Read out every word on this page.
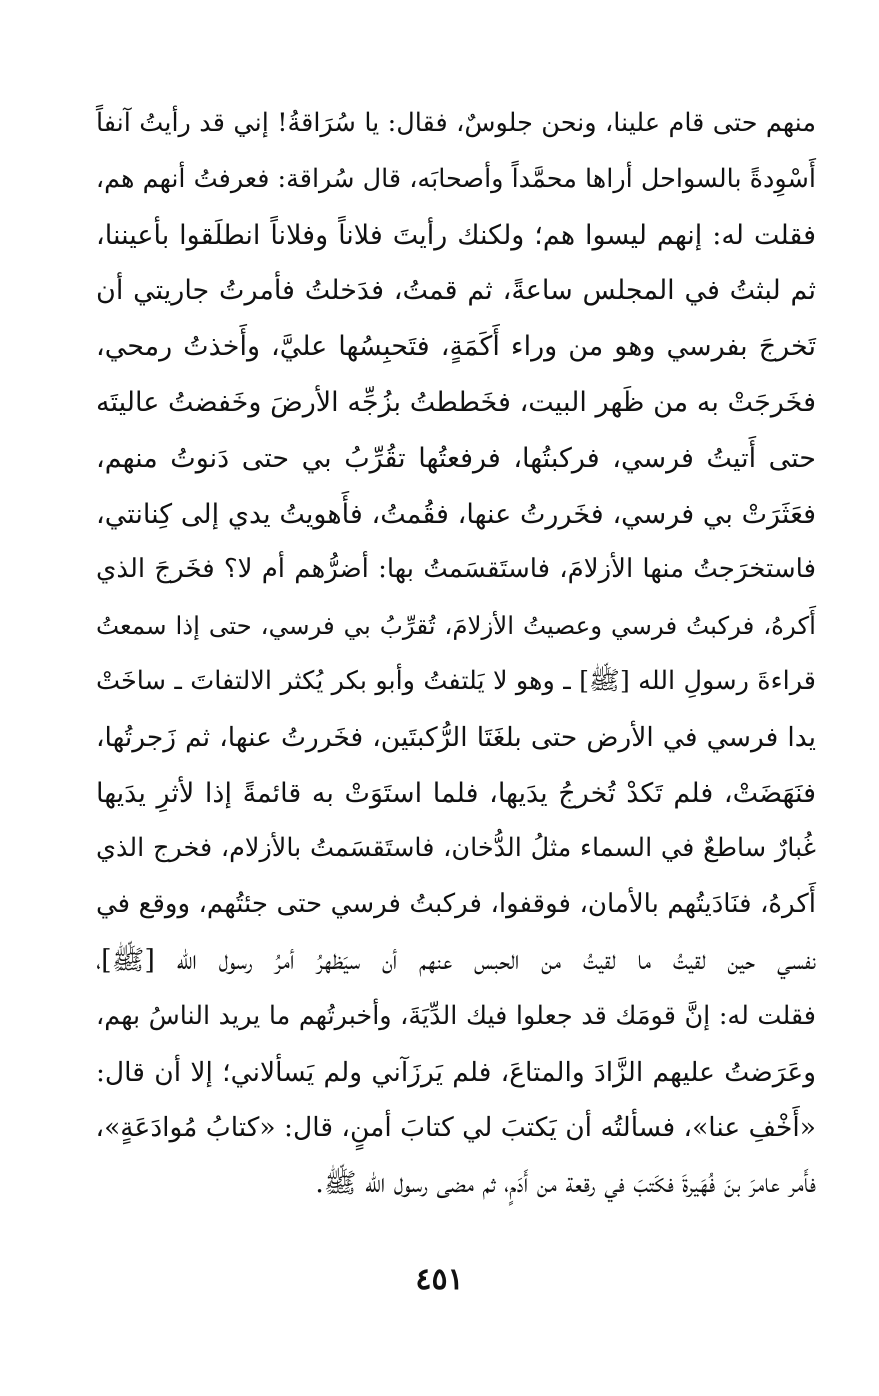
منهم حتى قام علينا، ونحن جلوسٌ، فقال: يا سُرَاقةُ! إني قد رأيتُ آنفاً
أَسْوِدةً بالسواحل أراها محمَّداً وأصحابَه، قال سُراقة: فعرفتُ أنهم هم،
فقلت له: إنهم ليسوا هم؛ ولكنك رأيتَ فلاناً وفلاناً انطلَقوا بأعيننا،
ثم لبثتُ في المجلس ساعةً، ثم قمتُ، فدَخلتُ فأمرتُ جاريتي أن
تَخرجَ بفرسي وهو من وراء أَكَمَةٍ، فتَحبِسُها عليَّ، وأَخذتُ رمحي،
فخَرجَتْ به من ظَهر البيت، فخَططتُ بزُجِّه الأرضَ وخَفضتُ عاليتَه
حتى أَتيتُ فرسي، فركبتُها، فرفعتُها تقُرِّبُ بي حتى دَنوتُ منهم،
فعَثَرَتْ بي فرسي، فخَررتُ عنها، فقُمتُ، فأَهويتُ يدي إلى كِنانتي،
فاستخرَجتُ منها الأزلامَ، فاستَقسَمتُ بها: أضرُّهم أم لا؟ فخَرجَ الذي
أَكرهُ، فركبتُ فرسي وعصيتُ الأزلامَ، تُقرِّبُ بي فرسي، حتى إذا سمعتُ
قراءةَ رسولِ الله [ﷺ] ـ وهو لا يَلتفتُ وأبو بكر يُكثر الالتفاتَ ـ ساخَتْ
يدا فرسي في الأرض حتى بلغَتَا الرُّكبتَين، فخَررتُ عنها، ثم زَجرتُها،
فنَهَضَتْ، فلم تَكدْ تُخرجُ يدَيها، فلما استَوَتْ به قائمةً إذا لأثرِ يدَيها
غُبارٌ ساطعٌ في السماء مثلُ الدُّخان، فاستَقسَمتُ بالأزلام، فخرج الذي
أَكرهُ، فنَادَيتُهم بالأمان، فوقفوا، فركبتُ فرسي حتى جئتُهم، ووقع في
نفسي حين لقيتُ ما لقيتُ من الحبس عنهم أن سيَظهرُ أمرُ رسول الله [ﷺ]،
فقلت له: إنَّ قومَك قد جعلوا فيك الدِّيَةَ، وأخبرتُهم ما يريد الناسُ بهم،
وعَرَضتُ عليهم الزَّادَ والمتاعَ، فلم يَرزَآني ولم يَسألاني؛ إلا أن قال:
«أَخْفِ عنا»، فسألتُه أن يَكتبَ لي كتابَ أمنٍ، قال: «كتابُ مُوادَعَةٍ»،
فأَمر عامرَ بنَ فُهَيرةَ فكَتبَ في رقعة من أَدَمٍ، ثم مضى رسول الله ﷺ.
٤٥١
